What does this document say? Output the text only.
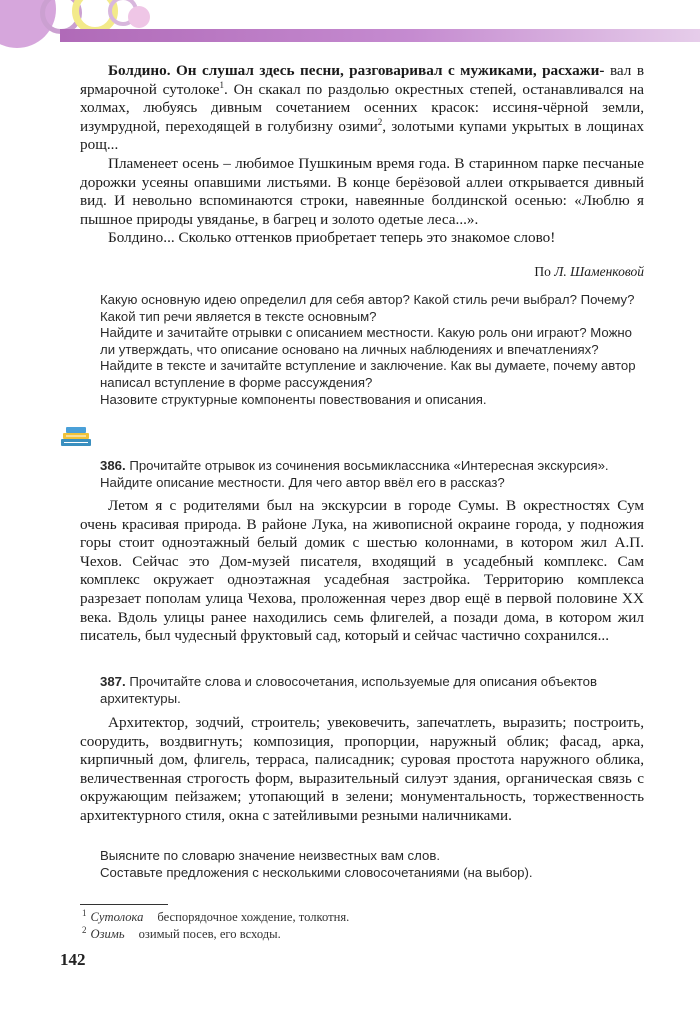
Болдино. Он слушал здесь песни, разговаривал с мужиками, расхажи- вал в ярмарочной сутолоке$^1$. Он скакал по раздолью окрестных степей, останавливался на холмах, любуясь дивным сочетанием осенних красок: иссиня-чёрной земли, изумрудной, переходящей в голубизну озими$^2$, золотыми купами укрытых в лощинах рощ...

Пламенеет осень – любимое Пушкиным время года. В старинном парке песчаные дорожки усеяны опавшими листьями. В конце берёзовой аллеи открывается дивный вид. И невольно вспоминаются строки, навеянные болдинской осенью: «Люблю я пышное природы увяданье, в багрец и золото одетые леса...».

Болдино... Сколько оттенков приобретает теперь это знакомое слово!

По Л. Шаменковой

Какую основную идею определил для себя автор? Какой стиль речи выбрал? Почему?

Какой тип речи является в тексте основным?

Найдите и зачитайте отрывки с описанием местности. Какую роль они играют? Можно ли утверждать, что описание основано на личных наблюдениях и впечатлениях?

Найдите в тексте и зачитайте вступление и заключение. Как вы думаете, почему автор написал вступление в форме рассуждения?

Назовите структурные компоненты повествования и описания.

386. Прочитайте отрывок из сочинения восьмиклассника «Интересная экскурсия». Найдите описание местности. Для чего автор ввёл его в рассказ?

Летом я с родителями был на экскурсии в городе Сумы. В окрестностях Сум очень красивая природа. В районе Лука, на живописной окраине города, у подножия горы стоит одноэтажный белый домик с шестью колоннами, в котором жил А.П. Чехов. Сейчас это Дом-музей писателя, входящий в усадебный комплекс. Сам комплекс окружает одноэтажная усадебная застройка. Территорию комплекса разрезает пополам улица Чехова, проложенная через двор ещё в первой половине XX века. Вдоль улицы ранее находились семь флигелей, а позади дома, в котором жил писатель, был чудесный фруктовый сад, который и сейчас частично сохранился...

387. Прочитайте слова и словосочетания, используемые для описания объектов архитектуры.

Архитектор, зодчий, строитель; увековечить, запечатлеть, выразить; построить, соорудить, воздвигнуть; композиция, пропорции, наружный облик; фасад, арка, кирпичный дом, флигель, терраса, палисадник; суровая простота наружного облика, величественная строгость форм, выразительный силуэт здания, органическая связь с окружающим пейзажем; утопающий в зелени; монументальность, торжественность архитектурного стиля, окна с затейливыми резными наличниками.

Выясните по словарю значение неизвестных вам слов.

Составьте предложения с несколькими словосочетаниями (на выбор).

$^1$ Сутолока беспорядочное хождение, толкотня.

$^2$ Озимь озимый посев, его всходы.

142
